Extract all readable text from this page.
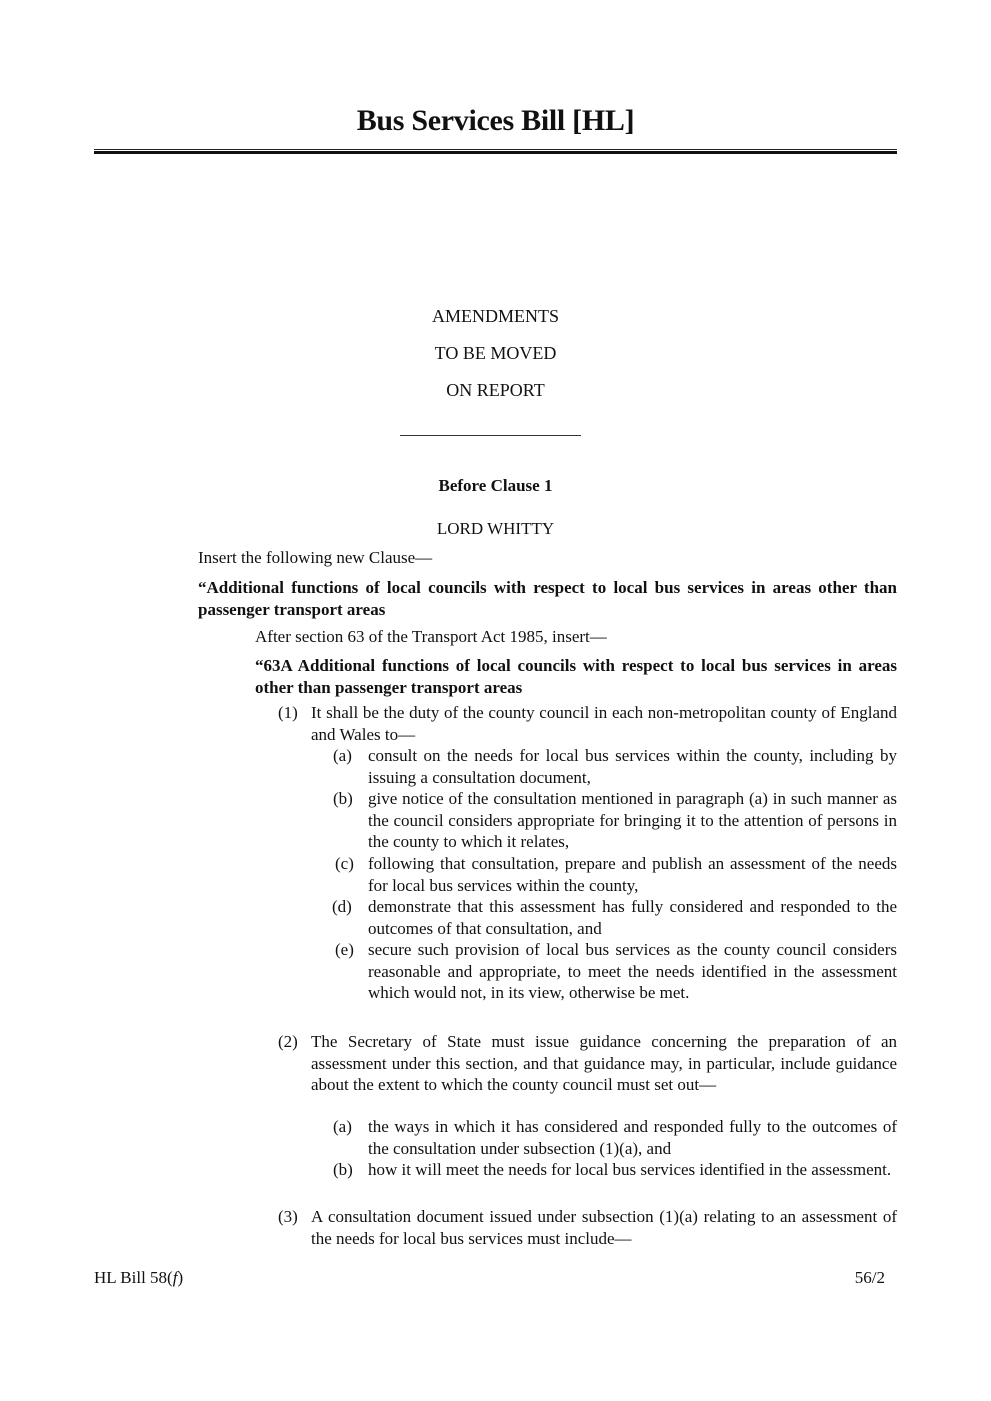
Bus Services Bill [HL]
AMENDMENTS
TO BE MOVED
ON REPORT
Before Clause 1
LORD WHITTY
Insert the following new Clause—
“Additional functions of local councils with respect to local bus services in areas other than passenger transport areas
After section 63 of the Transport Act 1985, insert—
“63A Additional functions of local councils with respect to local bus services in areas other than passenger transport areas
(1) It shall be the duty of the county council in each non-metropolitan county of England and Wales to—
(a) consult on the needs for local bus services within the county, including by issuing a consultation document,
(b) give notice of the consultation mentioned in paragraph (a) in such manner as the council considers appropriate for bringing it to the attention of persons in the county to which it relates,
(c) following that consultation, prepare and publish an assessment of the needs for local bus services within the county,
(d) demonstrate that this assessment has fully considered and responded to the outcomes of that consultation, and
(e) secure such provision of local bus services as the county council considers reasonable and appropriate, to meet the needs identified in the assessment which would not, in its view, otherwise be met.
(2) The Secretary of State must issue guidance concerning the preparation of an assessment under this section, and that guidance may, in particular, include guidance about the extent to which the county council must set out—
(a) the ways in which it has considered and responded fully to the outcomes of the consultation under subsection (1)(a), and
(b) how it will meet the needs for local bus services identified in the assessment.
(3) A consultation document issued under subsection (1)(a) relating to an assessment of the needs for local bus services must include—
HL Bill 58(f)	56/2
